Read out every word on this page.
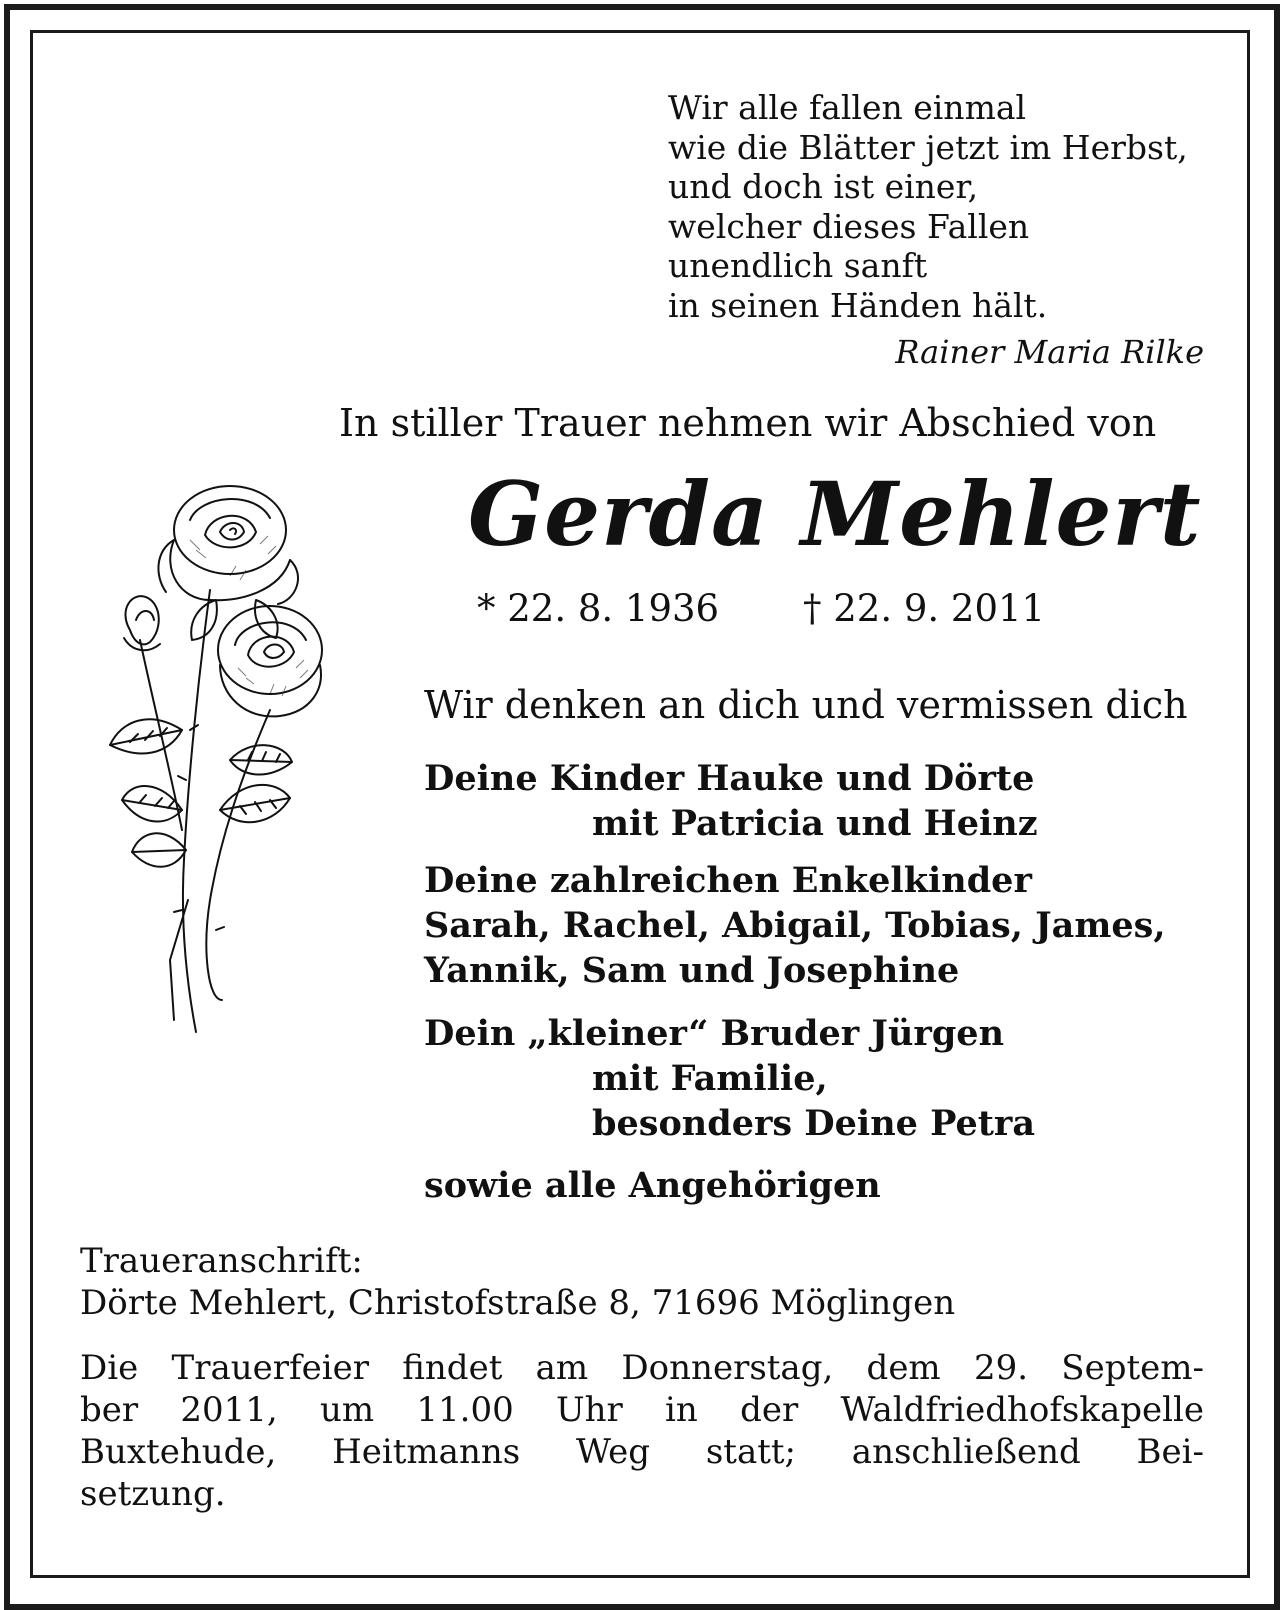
Wir alle fallen einmal
wie die Blätter jetzt im Herbst,
und doch ist einer,
welcher dieses Fallen
unendlich sanft
in seinen Händen hält.
Rainer Maria Rilke
In stiller Trauer nehmen wir Abschied von
Gerda Mehlert
* 22. 8. 1936 † 22. 9. 2011
Wir denken an dich und vermissen dich
Deine Kinder Hauke und Dörte
mit Patricia und Heinz
Deine zahlreichen Enkelkinder
Sarah, Rachel, Abigail, Tobias, James,
Yannik, Sam und Josephine
Dein „kleiner“ Bruder Jürgen
mit Familie,
besonders Deine Petra
sowie alle Angehörigen
Traueranschrift:
Dörte Mehlert, Christofstraße 8, 71696 Möglingen
Die Trauerfeier findet am Donnerstag, dem 29. Septem-
ber 2011, um 11.00 Uhr in der Waldfriedhofskapelle
Buxtehude, Heitmanns Weg statt; anschließend Bei-
setzung.
